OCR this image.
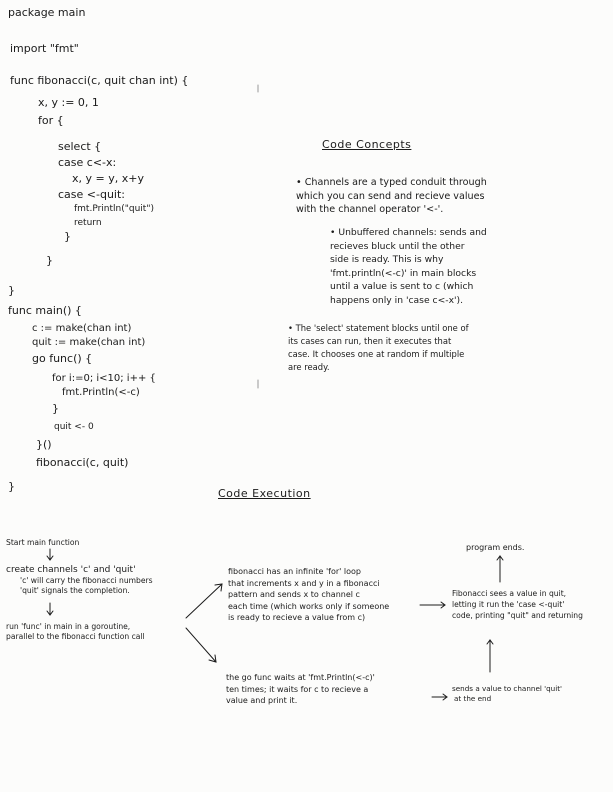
package main
import "fmt"
func fibonacci(c, quit chan int) {
x, y := 0, 1
for {
select {
case c<-x:
x, y = y, x+y
case <-quit:
fmt.Println("quit")
return
}
}
}
func main() {
c := make(chan int)
quit := make(chan int)
go func() {
for i:=0; i<10; i++ {
fmt.Println(<-c)
}
quit <- 0
}()
fibonacci(c, quit)
}
Code Concepts
• Channels are a typed conduit through
which you can send and recieve values
with the channel operator '<-'.
• Unbuffered channels: sends and
recieves bluck until the other
side is ready. This is why
'fmt.println(<-c)' in main blocks
until a value is sent to c (which
happens only in 'case c<-x').
• The 'select' statement blocks until one of
its cases can run, then it executes that
case. It chooses one at random if multiple
are ready.
Code Execution
Start main function
create channels 'c' and 'quit'
'c' will carry the fibonacci numbers
'quit' signals the completion.
run 'func' in main in a goroutine,
parallel to the fibonacci function call
fibonacci has an infinite 'for' loop
that increments x and y in a fibonacci
pattern and sends x to channel c
each time (which works only if someone
is ready to recieve a value from c)
the go func waits at 'fmt.Println(<-c)'
ten times; it waits for c to recieve a
value and print it.
sends a value to channel 'quit'
at the end
Fibonacci sees a value in quit,
letting it run the 'case <-quit'
code, printing "quit" and returning
program ends.
